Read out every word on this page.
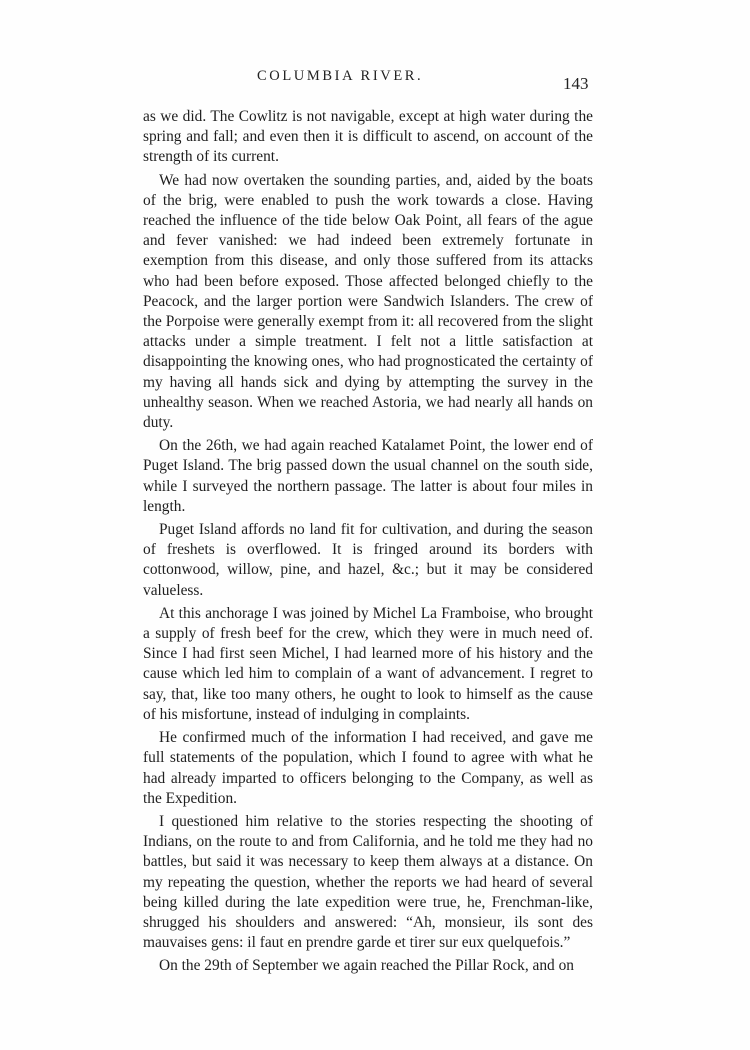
COLUMBIA RIVER.	143

as we did. The Cowlitz is not navigable, except at high water during the spring and fall; and even then it is difficult to ascend, on account of the strength of its current.

We had now overtaken the sounding parties, and, aided by the boats of the brig, were enabled to push the work towards a close. Having reached the influence of the tide below Oak Point, all fears of the ague and fever vanished: we had indeed been extremely fortunate in exemption from this disease, and only those suffered from its attacks who had been before exposed. Those affected belonged chiefly to the Peacock, and the larger portion were Sandwich Islanders. The crew of the Porpoise were generally exempt from it: all recovered from the slight attacks under a simple treatment. I felt not a little satisfaction at disappointing the knowing ones, who had prognosticated the certainty of my having all hands sick and dying by attempting the survey in the unhealthy season. When we reached Astoria, we had nearly all hands on duty.

On the 26th, we had again reached Katalamet Point, the lower end of Puget Island. The brig passed down the usual channel on the south side, while I surveyed the northern passage. The latter is about four miles in length.

Puget Island affords no land fit for cultivation, and during the season of freshets is overflowed. It is fringed around its borders with cottonwood, willow, pine, and hazel, &c.; but it may be considered valueless.

At this anchorage I was joined by Michel La Framboise, who brought a supply of fresh beef for the crew, which they were in much need of. Since I had first seen Michel, I had learned more of his history and the cause which led him to complain of a want of advancement. I regret to say, that, like too many others, he ought to look to himself as the cause of his misfortune, instead of indulging in complaints.

He confirmed much of the information I had received, and gave me full statements of the population, which I found to agree with what he had already imparted to officers belonging to the Company, as well as the Expedition.

I questioned him relative to the stories respecting the shooting of Indians, on the route to and from California, and he told me they had no battles, but said it was necessary to keep them always at a distance. On my repeating the question, whether the reports we had heard of several being killed during the late expedition were true, he, Frenchman-like, shrugged his shoulders and answered: “Ah, monsieur, ils sont des mauvaises gens: il faut en prendre garde et tirer sur eux quelquefois.”

On the 29th of September we again reached the Pillar Rock, and on
